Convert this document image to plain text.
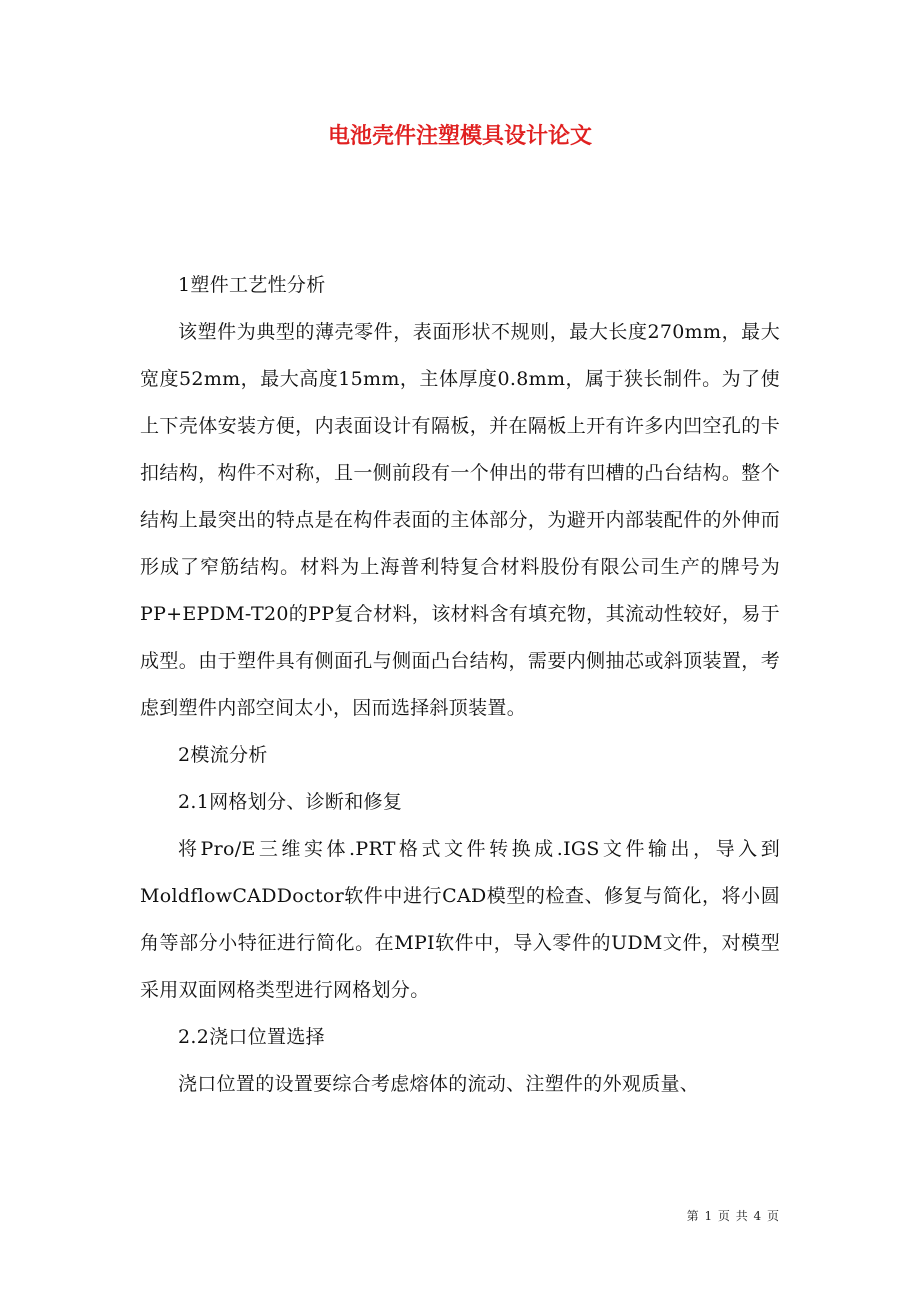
电池壳件注塑模具设计论文

1塑件工艺性分析

该塑件为典型的薄壳零件，表面形状不规则，最大长度270mm，最大宽度52mm，最大高度15mm，主体厚度0.8mm，属于狭长制件。为了使上下壳体安装方便，内表面设计有隔板，并在隔板上开有许多内凹空孔的卡扣结构，构件不对称，且一侧前段有一个伸出的带有凹槽的凸台结构。整个结构上最突出的特点是在构件表面的主体部分，为避开内部装配件的外伸而形成了窄筋结构。材料为上海普利特复合材料股份有限公司生产的牌号为PP+EPDM-T20的PP复合材料，该材料含有填充物，其流动性较好，易于成型。由于塑件具有侧面孔与侧面凸台结构，需要内侧抽芯或斜顶装置，考虑到塑件内部空间太小，因而选择斜顶装置。

2模流分析

2.1网格划分、诊断和修复

将Pro/E三维实体.PRT格式文件转换成.IGS文件输出，导入到MoldflowCADDoctor软件中进行CAD模型的检查、修复与简化，将小圆角等部分小特征进行简化。在MPI软件中，导入零件的UDM文件，对模型采用双面网格类型进行网格划分。

2.2浇口位置选择

浇口位置的设置要综合考虑熔体的流动、注塑件的外观质量、

第 1 页 共 4 页
